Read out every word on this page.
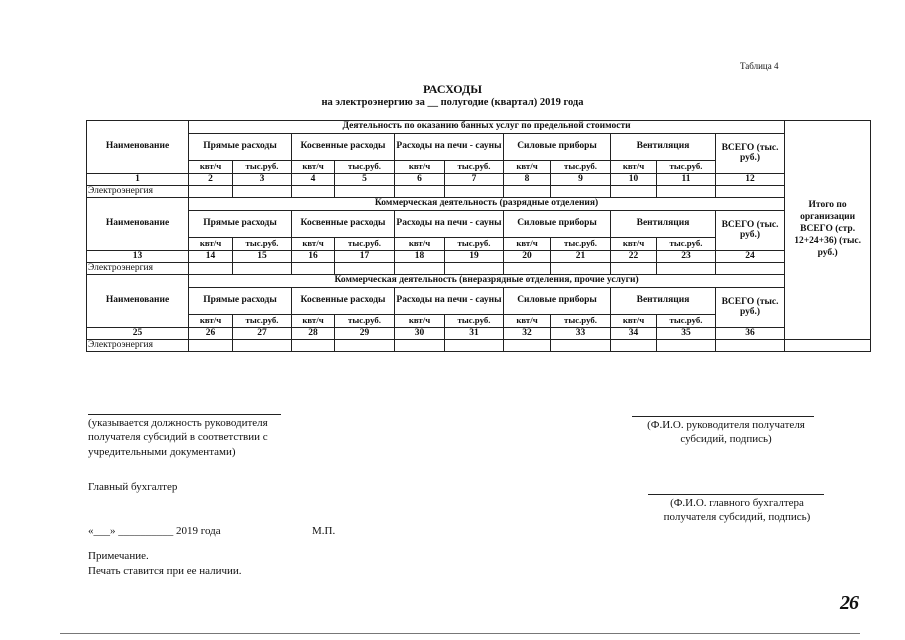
Таблица 4
РАСХОДЫ
на электроэнергию за __ полугодие (квартал) 2019 года
Наименование	Деятельность по оказанию банных услуг по предельной стоимости											Итого по организации ВСЕГО (стр. 12+24+36) (тыс. руб.)	
	Прямые расходы		Косвенные расходы		Расходы на печи - сауны		Силовые приборы		Вентиляция		ВСЕГО (тыс. руб.)		
	квт/ч	тыс.руб.	квт/ч	тыс.руб.	квт/ч	тыс.руб.	квт/ч	тыс.руб.	квт/ч	тыс.руб.			
1	2	3	4	5	6	7	8	9	10	11	12		
Электроэнергия													
Наименование	Коммерческая деятельность (разрядные отделения)												
	Прямые расходы		Косвенные расходы		Расходы на печи - сауны		Силовые приборы		Вентиляция		ВСЕГО (тыс. руб.)		
	квт/ч	тыс.руб.	квт/ч	тыс.руб.	квт/ч	тыс.руб.	квт/ч	тыс.руб.	квт/ч	тыс.руб.			
13	14	15	16	17	18	19	20	21	22	23	24		
Электроэнергия													
Наименование	Коммерческая деятельность (внеразрядные отделения, прочие услуги)												
	Прямые расходы		Косвенные расходы		Расходы на печи - сауны		Силовые приборы		Вентиляция		ВСЕГО (тыс. руб.)		
	квт/ч	тыс.руб.	квт/ч	тыс.руб.	квт/ч	тыс.руб.	квт/ч	тыс.руб.	квт/ч	тыс.руб.			
25	26	27	28	29	30	31	32	33	34	35	36	
Электроэнергия													
(указывается должность руководителя получателя субсидий в соответствии с учредительными документами)
(Ф.И.О. руководителя получателя субсидий, подпись)
Главный бухгалтер
(Ф.И.О. главного бухгалтера получателя субсидий, подпись)
«___» __________ 2019 года	М.П.
Примечание.
Печать ставится при ее наличии.
26
